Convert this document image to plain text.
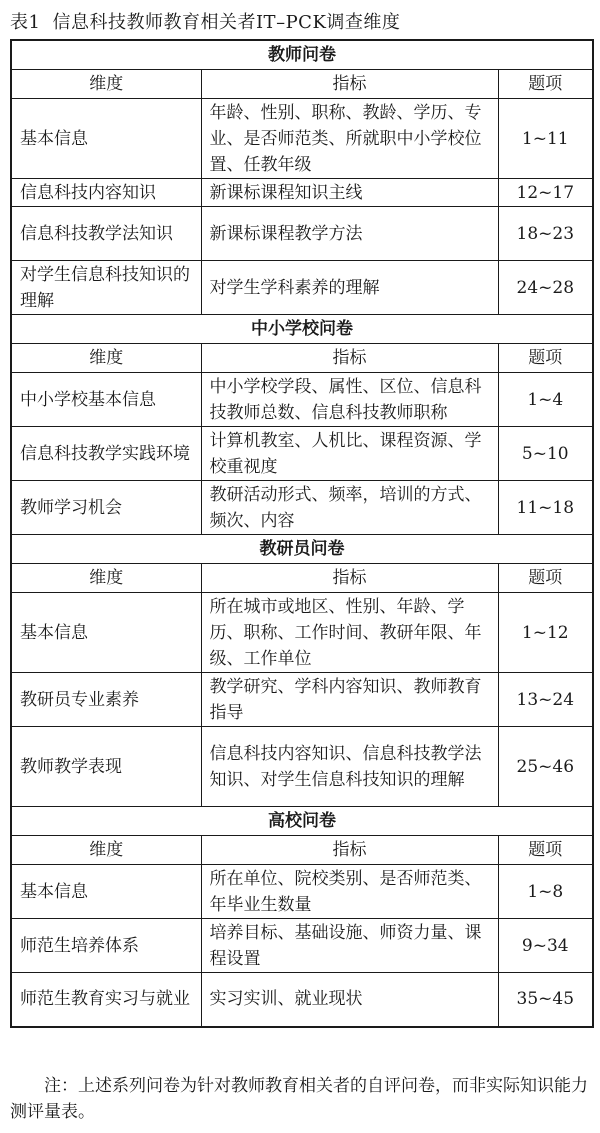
表1 信息科技教师教育相关者IT–PCK调查维度
教师问卷		
维度	指标	题项
基本信息	年龄、性别、职称、教龄、学历、专业、是否师范类、所就职中小学校位置、任教年级	1~11
信息科技内容知识	新课标课程知识主线	12~17
信息科技教学法知识	新课标课程教学方法	18~23
对学生信息科技知识的理解	对学生学科素养的理解	24~28
中小学校问卷		
维度	指标	题项
中小学校基本信息	中小学校学段、属性、区位、信息科技教师总数、信息科技教师职称	1~4
信息科技教学实践环境	计算机教室、人机比、课程资源、学校重视度	5~10
教师学习机会	教研活动形式、频率，培训的方式、频次、内容	11~18
教研员问卷		
维度	指标	题项
基本信息	所在城市或地区、性别、年龄、学历、职称、工作时间、教研年限、年级、工作单位	1~12
教研员专业素养	教学研究、学科内容知识、教师教育指导	13~24
教师教学表现	信息科技内容知识、信息科技教学法知识、对学生信息科技知识的理解	25~46
高校问卷		
维度	指标	题项
基本信息	所在单位、院校类别、是否师范类、年毕业生数量	1~8
师范生培养体系	培养目标、基础设施、师资力量、课程设置	9~34
师范生教育实习与就业	实习实训、就业现状	35~45
注：上述系列问卷为针对教师教育相关者的自评问卷，而非实际知识能力测评量表。
